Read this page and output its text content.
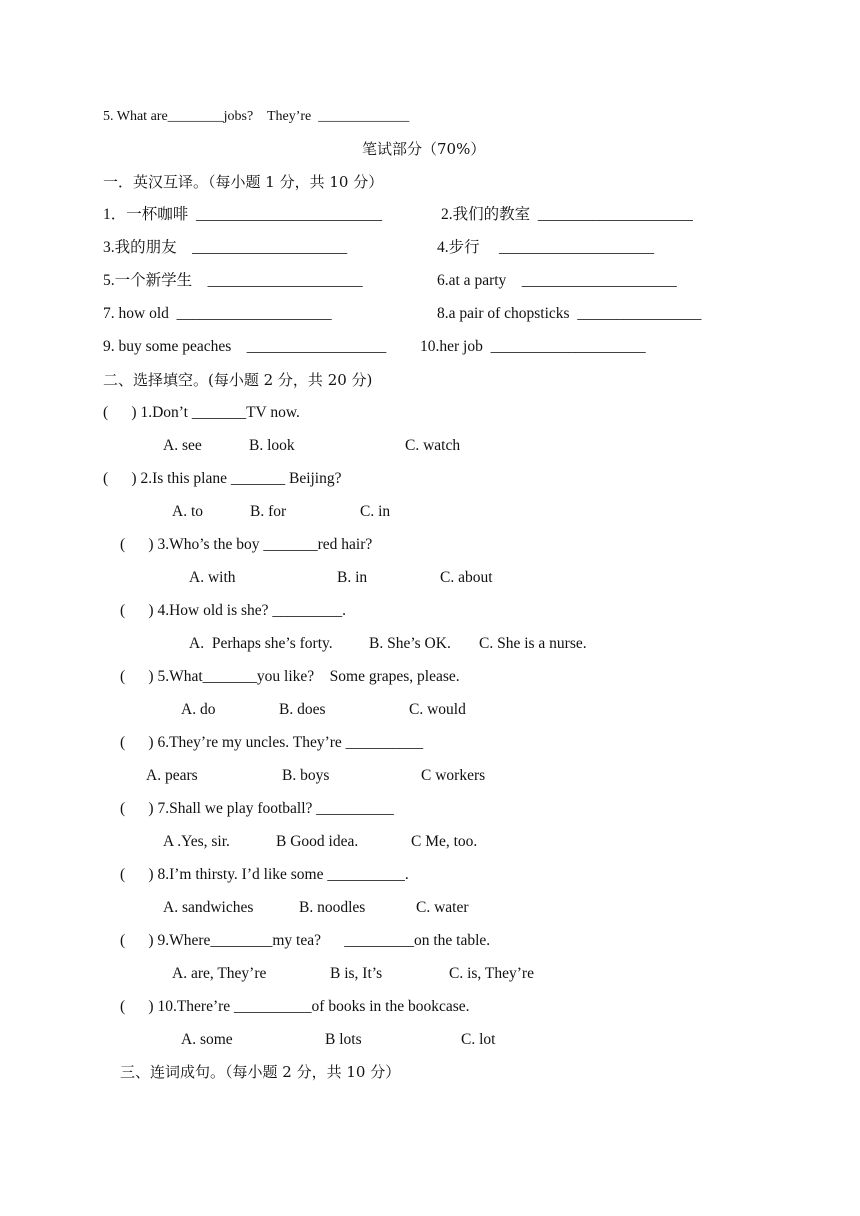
5. What are________jobs?    They’re  _____________
笔试部分（70%）
一．英汉互译。（每小题 1 分，共 10 分）
1．一杯咖啡  ________________________	2.我们的教室  ____________________
3.我的朋友    ____________________	4.步行     ____________________
5.一个新学生    ____________________	6.at a party    ____________________
7. how old  ____________________	8.a pair of chopsticks  ________________
9. buy some peaches    __________________ 10.her job  ____________________
二、选择填空。(每小题 2 分，共 20 分)
(      ) 1.Don’t _______TV now.
A. see	B. look	C. watch
(      ) 2.Is this plane _______ Beijing?
A. to	B. for	C. in
(      ) 3.Who’s the boy _______red hair?
A. with	B. in	C. about
(      ) 4.How old is she? _________.
A.  Perhaps she’s forty. B. She’s OK. C. She is a nurse.
(      ) 5.What_______you like?    Some grapes, please.
A. do	B. does	C. would
(      ) 6.They’re my uncles. They’re __________
A. pears	B. boys	C workers
(      ) 7.Shall we play football? __________
A .Yes, sir.	B Good idea.	C Me, too.
(      ) 8.I’m thirsty. I’d like some __________.
A. sandwiches	B. noodles	C. water
(      ) 9.Where________my tea?      _________on the table.
A. are, They’re	B is, It’s	C. is, They’re
(      ) 10.There’re __________of books in the bookcase.
A. some	B lots	C. lot
三、连词成句。（每小题 2 分，共 10 分）
